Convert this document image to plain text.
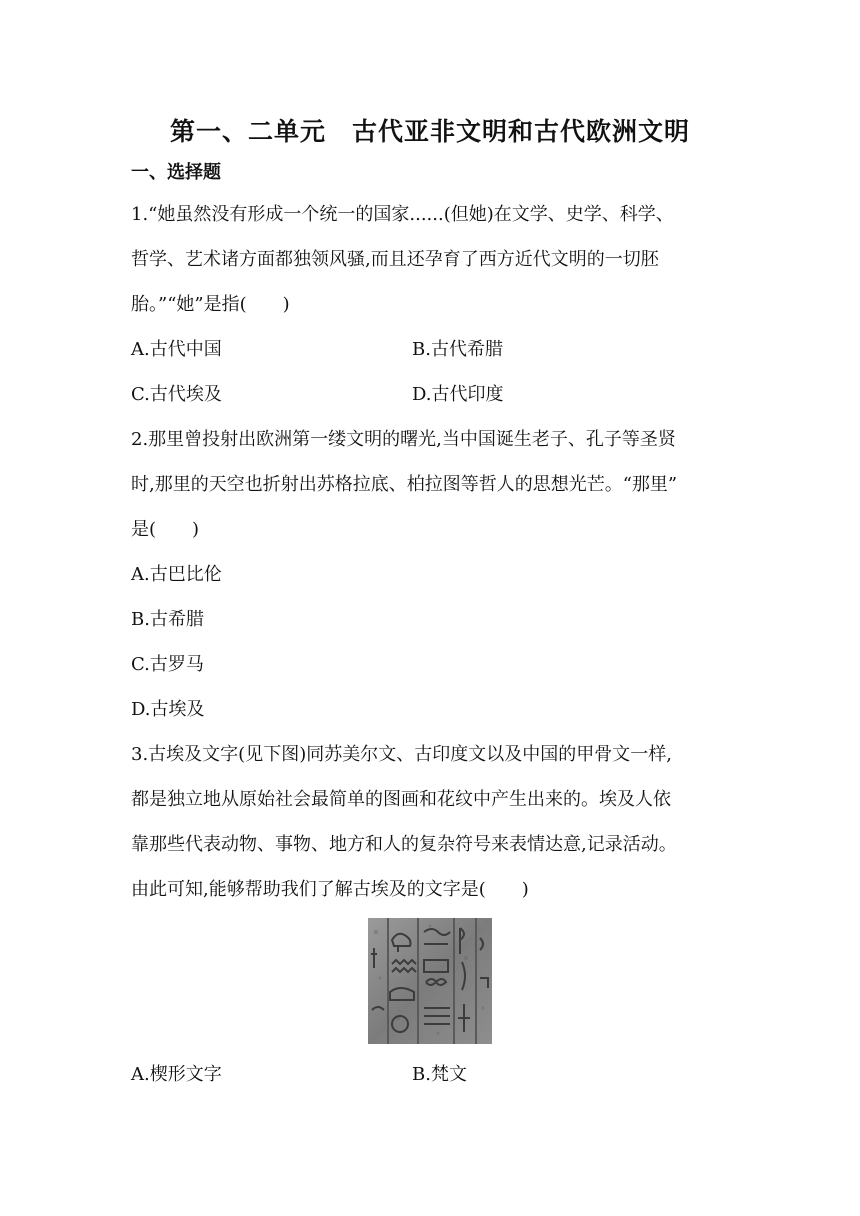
第一、二单元　古代亚非文明和古代欧洲文明
一、选择题
1.“她虽然没有形成一个统一的国家......(但她)在文学、史学、科学、
哲学、艺术诸方面都独领风骚,而且还孕育了西方近代文明的一切胚
胎。”“她”是指(　　)
A.古代中国	B.古代希腊
C.古代埃及	D.古代印度
2.那里曾投射出欧洲第一缕文明的曙光,当中国诞生老子、孔子等圣贤
时,那里的天空也折射出苏格拉底、柏拉图等哲人的思想光芒。“那里”
是(　　)
A.古巴比伦
B.古希腊
C.古罗马
D.古埃及
3.古埃及文字(见下图)同苏美尔文、古印度文以及中国的甲骨文一样,
都是独立地从原始社会最简单的图画和花纹中产生出来的。埃及人依
靠那些代表动物、事物、地方和人的复杂符号来表情达意,记录活动。
由此可知,能够帮助我们了解古埃及的文字是(　　)
A.楔形文字	B.梵文
